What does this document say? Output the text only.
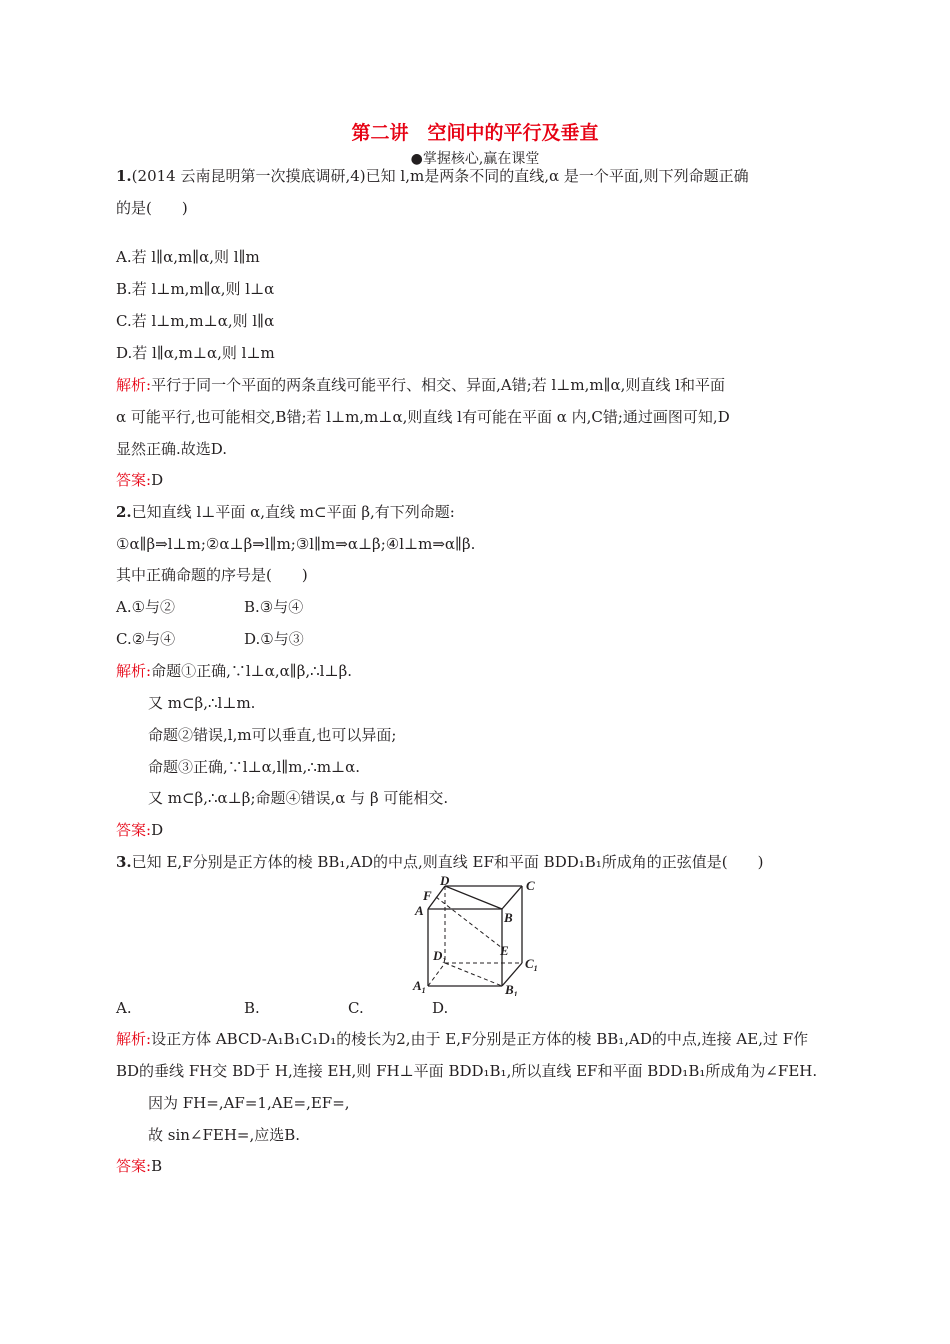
第二讲　空间中的平行及垂直
●掌握核心,赢在课堂
1.(2014 云南昆明第一次摸底调研,4)已知 l,m是两条不同的直线,α 是一个平面,则下列命题正确
的是(　　)
A.若 l∥α,m∥α,则 l∥m
B.若 l⊥m,m∥α,则 l⊥α
C.若 l⊥m,m⊥α,则 l∥α
D.若 l∥α,m⊥α,则 l⊥m
解析:平行于同一个平面的两条直线可能平行、相交、异面,A错;若 l⊥m,m∥α,则直线 l和平面
α 可能平行,也可能相交,B错;若 l⊥m,m⊥α,则直线 l有可能在平面 α 内,C错;通过画图可知,D
显然正确.故选D.
答案:D
2.已知直线 l⊥平面 α,直线 m⊂平面 β,有下列命题:
①α∥β⇒l⊥m;②α⊥β⇒l∥m;③l∥m⇒α⊥β;④l⊥m⇒α∥β.
其中正确命题的序号是(　　)
A.①与②	B.③与④
C.②与④	D.①与③
解析:命题①正确,∵l⊥α,α∥β,∴l⊥β.
又 m⊂β,∴l⊥m.
命题②错误,l,m可以垂直,也可以异面;
命题③正确,∵l⊥α,l∥m,∴m⊥α.
又 m⊂β,∴α⊥β;命题④错误,α 与 β 可能相交.
答案:D
3.已知 E,F分别是正方体的棱 BB₁,AD的中点,则直线 EF和平面 BDD₁B₁所成角的正弦值是(　　)
D	C
F
A	B
E
$D_1$	$C_1$
$A_1$	$B_1$
A.	B.	C.	D.
解析:设正方体 ABCD-A₁B₁C₁D₁的棱长为2,由于 E,F分别是正方体的棱 BB₁,AD的中点,连接 AE,过 F作
BD的垂线 FH交 BD于 H,连接 EH,则 FH⊥平面 BDD₁B₁,所以直线 EF和平面 BDD₁B₁所成角为∠FEH.
因为 FH=,AF=1,AE=,EF=,
故 sin∠FEH=,应选B.
答案:B
